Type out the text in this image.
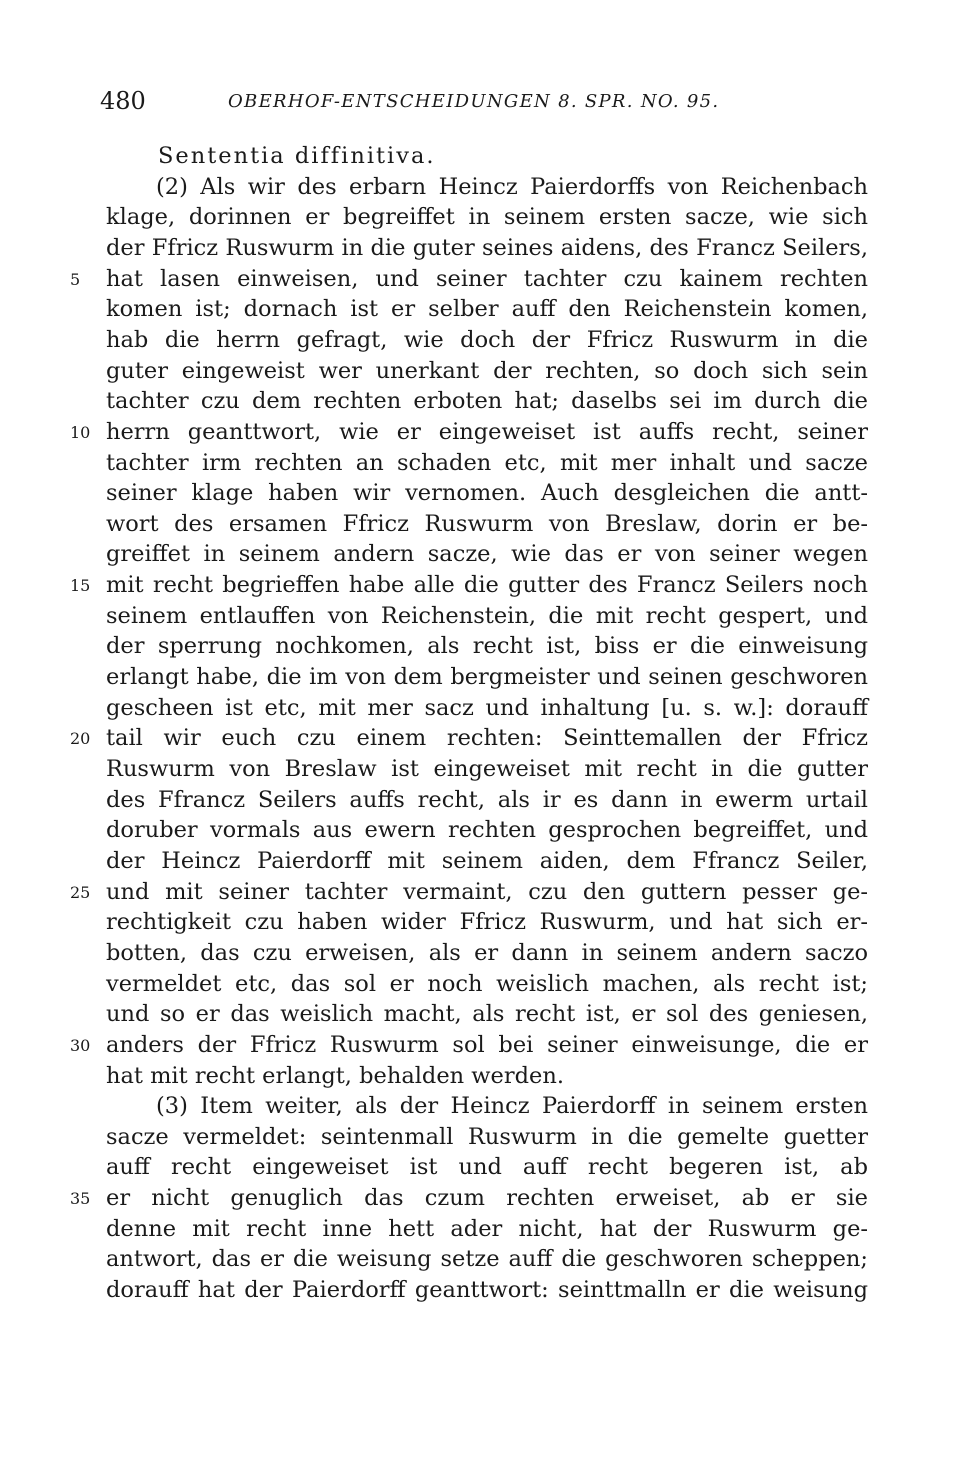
480	OBERHOF-ENTSCHEIDUNGEN 8. SPR. NO. 95.
Sententia diffinitiva.
(2) Als wir des erbarn Heincz Paierdorffs von Reichenbach
klage, dorinnen er begreiffet in seinem ersten sacze, wie sich
der Ffricz Ruswurm in die guter seines aidens, des Francz Seilers,
hat lasen einweisen, und seiner tachter czu kainem rechten
5
komen ist; dornach ist er selber auff den Reichenstein komen,
hab die herrn gefragt, wie doch der Ffricz Ruswurm in die
guter eingeweist wer unerkant der rechten, so doch sich sein
tachter czu dem rechten erboten hat; daselbs sei im durch die
herrn geanttwort, wie er eingeweiset ist auffs recht, seiner
10
tachter irm rechten an schaden etc, mit mer inhalt und sacze
seiner klage haben wir vernomen. Auch desgleichen die antt-
wort des ersamen Ffricz Ruswurm von Breslaw, dorin er be-
greiffet in seinem andern sacze, wie das er von seiner wegen
mit recht begrieffen habe alle die gutter des Francz Seilers noch
15
seinem entlauffen von Reichenstein, die mit recht gespert, und
der sperrung nochkomen, als recht ist, biss er die einweisung
erlangt habe, die im von dem bergmeister und seinen geschworen
gescheen ist etc, mit mer sacz und inhaltung [u. s. w.]: dorauff
tail wir euch czu einem rechten: Seinttemallen der Ffricz
20
Ruswurm von Breslaw ist eingeweiset mit recht in die gutter
des Ffrancz Seilers auffs recht, als ir es dann in ewerm urtail
doruber vormals aus ewern rechten gesprochen begreiffet, und
der Heincz Paierdorff mit seinem aiden, dem Ffrancz Seiler,
und mit seiner tachter vermaint, czu den guttern pesser ge-
25
rechtigkeit czu haben wider Ffricz Ruswurm, und hat sich er-
botten, das czu erweisen, als er dann in seinem andern saczo
vermeldet etc, das sol er noch weislich machen, als recht ist;
und so er das weislich macht, als recht ist, er sol des geniesen,
anders der Ffricz Ruswurm sol bei seiner einweisunge, die er
30
hat mit recht erlangt, behalden werden.
(3) Item weiter, als der Heincz Paierdorff in seinem ersten
sacze vermeldet: seintenmall Ruswurm in die gemelte guetter
auff recht eingeweiset ist und auff recht begeren ist, ab
er nicht genuglich das czum rechten erweiset, ab er sie
35
denne mit recht inne hett ader nicht, hat der Ruswurm ge-
antwort, das er die weisung setze auff die geschworen scheppen;
dorauff hat der Paierdorff geanttwort: seinttmalln er die weisung
